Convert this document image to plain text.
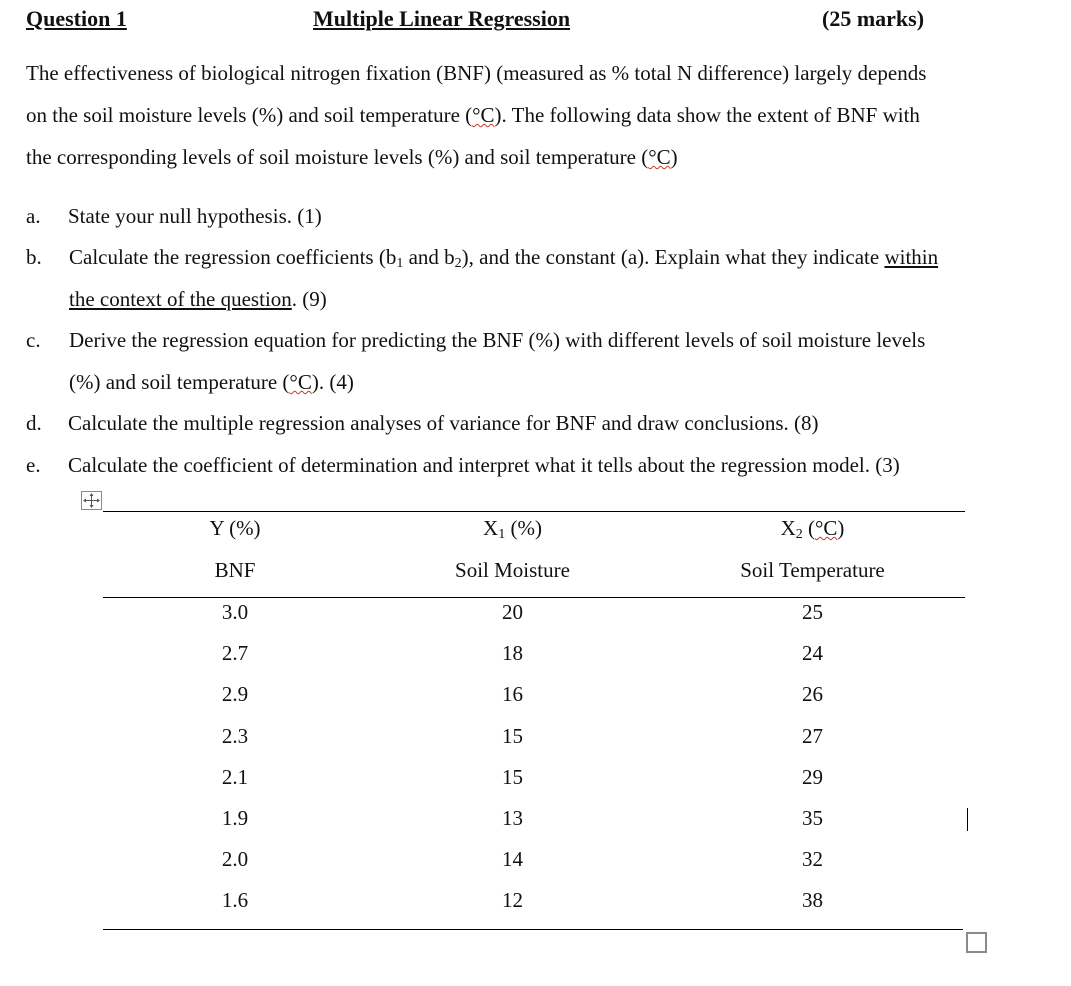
Question 1	Multiple Linear Regression	(25 marks)
The effectiveness of biological nitrogen fixation (BNF) (measured as % total N difference) largely depends
on the soil moisture levels (%) and soil temperature (°C). The following data show the extent of BNF with
the corresponding levels of soil moisture levels (%) and soil temperature (°C)
a.	State your null hypothesis. (1)
b.	Calculate the regression coefficients ($b_1$ and $b_2$), and the constant (a). Explain what they indicate within
the context of the question. (9)
c.	Derive the regression equation for predicting the BNF (%) with different levels of soil moisture levels
(%) and soil temperature (°C). (4)
d.	Calculate the multiple regression analyses of variance for BNF and draw conclusions. (8)
e.	Calculate the coefficient of determination and interpret what it tells about the regression model. (3)
Y (%)	$X_1$ (%)	$X_2$ (°C)
BNF	Soil Moisture	Soil Temperature
3.0	20	25
2.7	18	24
2.9	16	26
2.3	15	27
2.1	15	29
1.9	13	35
2.0	14	32
1.6	12	38
